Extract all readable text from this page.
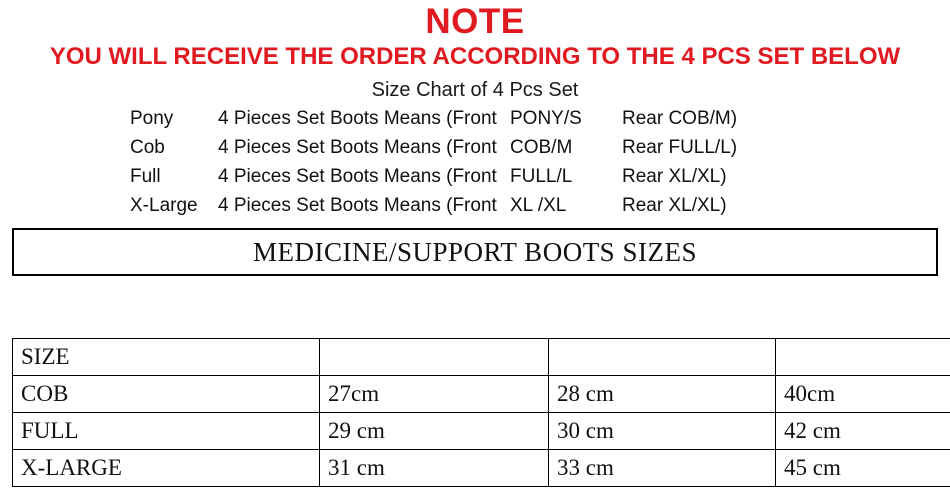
NOTE
YOU WILL RECEIVE THE ORDER ACCORDING TO THE 4 PCS SET BELOW
Size Chart of 4 Pcs Set
Pony	4 Pieces Set Boots Means (Front PONY/S	Rear COB/M)
Cob	4 Pieces Set Boots Means (Front COB/M	Rear FULL/L)
Full	4 Pieces Set Boots Means (Front FULL/L	Rear XL/XL)
X-Large	4 Pieces Set Boots Means (Front XL /XL	Rear XL/XL)
MEDICINE/SUPPORT BOOTS SIZES
SIZE			
COB	27cm	28 cm	40cm
FULL	29 cm	30 cm	42 cm
X-LARGE	31 cm	33 cm	45 cm
